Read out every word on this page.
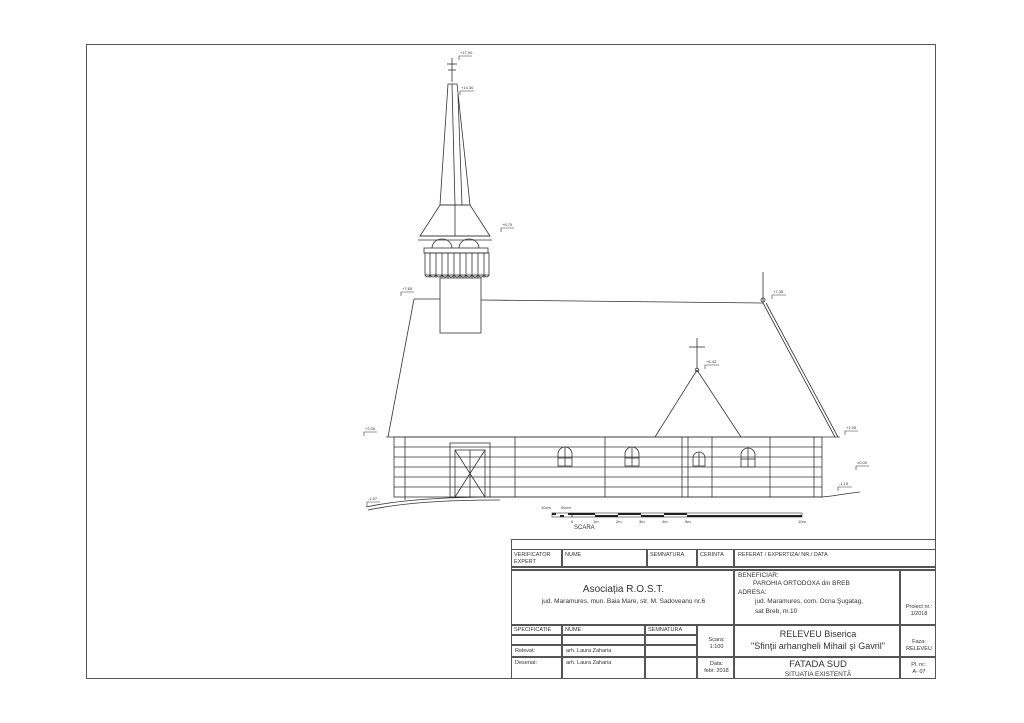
+17,90
+14,30
+8,75
+7,65
+7,35
+6,43
+2,00	+1,95
±0,00
-1,15
-1,57
10cm	50cm
0	1m	2m	3m	4m	5m	10m
SCARA
VERIFICATOR
EXPERT
NUME	SEMNATURA	CERINTA	REFERAT / EXPERTIZA/ NR./ DATA
Asociația R.O.S.T.
jud. Maramures, mun. Baia Mare, str. M. Sadoveanu nr.6
BENEFICIAR:
PAROHIA ORTODOXA din BREB
ADRESA:
jud. Maramures, com. Ocna Şugatag,
sat Breb, nr.10
Proiect nr.:
1/2018
SPECIFICATIE	NUME	SEMNATURA
Relevat:	arh. Laura Zaharia
Desenat:	arh. Laura Zaharia
Scara:
1:100
Data:
febr. 2018
RELEVEU Biserica
"Sfinţii arhangheli Mihail şi Gavril"	Faza:
RELEVEU
FATADA SUD
SITUATIA EXISTENTĂ
Pl. nr.:
A- 07
